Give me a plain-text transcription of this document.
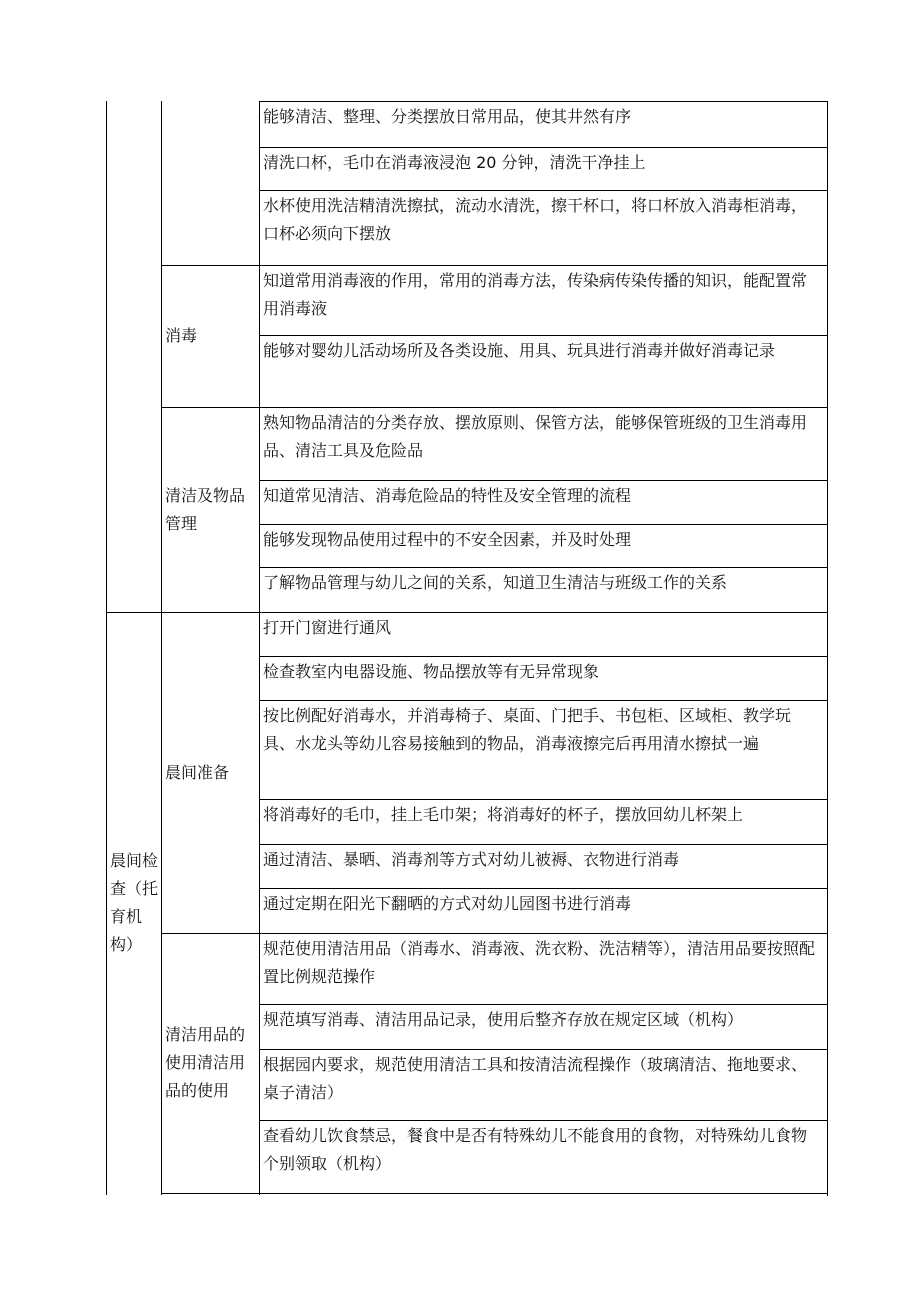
能够清洁、整理、分类摆放日常用品，使其井然有序
清洗口杯，毛巾在消毒液浸泡 20 分钟，清洗干净挂上
水杯使用洗洁精清洗擦拭，流动水清洗，擦干杯口，将口杯放入消毒柜消毒，口杯必须向下摆放
知道常用消毒液的作用，常用的消毒方法，传染病传染传播的知识，能配置常用消毒液
能够对婴幼儿活动场所及各类设施、用具、玩具进行消毒并做好消毒记录
消毒
熟知物品清洁的分类存放、摆放原则、保管方法，能够保管班级的卫生消毒用品、清洁工具及危险品
知道常见清洁、消毒危险品的特性及安全管理的流程
能够发现物品使用过程中的不安全因素，并及时处理
了解物品管理与幼儿之间的关系，知道卫生清洁与班级工作的关系
清洁及物品管理
打开门窗进行通风
检查教室内电器设施、物品摆放等有无异常现象
按比例配好消毒水，并消毒椅子、桌面、门把手、书包柜、区域柜、教学玩具、水龙头等幼儿容易接触到的物品，消毒液擦完后再用清水擦拭一遍
将消毒好的毛巾，挂上毛巾架；将消毒好的杯子，摆放回幼儿杯架上
通过清洁、暴晒、消毒剂等方式对幼儿被褥、衣物进行消毒
通过定期在阳光下翻晒的方式对幼儿园图书进行消毒
晨间准备
规范使用清洁用品（消毒水、消毒液、洗衣粉、洗洁精等），清洁用品要按照配置比例规范操作
规范填写消毒、清洁用品记录，使用后整齐存放在规定区域（机构）
根据园内要求，规范使用清洁工具和按清洁流程操作（玻璃清洁、拖地要求、桌子清洁）
查看幼儿饮食禁忌，餐食中是否有特殊幼儿不能食用的食物，对特殊幼儿食物个别领取（机构）
清洁用品的使用清洁用品的使用
晨间检查（托育机构）
